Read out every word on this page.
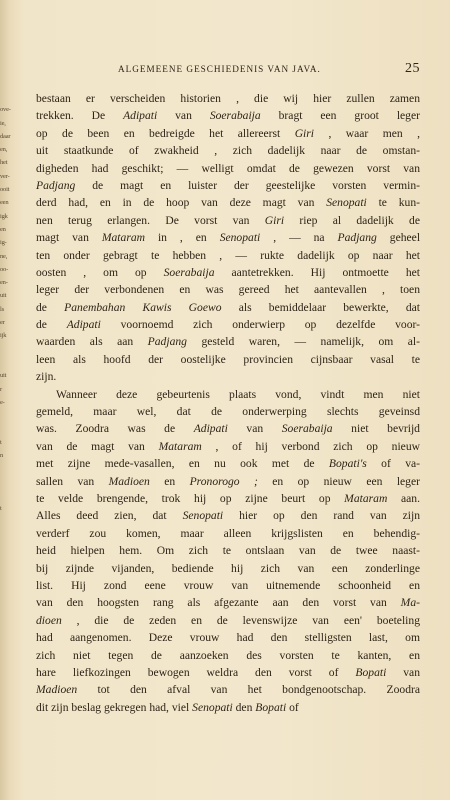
ove-
ie,
daar
en,
het
ver-
ooit
een
igk
en
ig-
ne,
oo-
en-
uit
ls
er
ijk
uit
r
e-
t
n
t
ALGEMEENE GESCHIEDENIS VAN JAVA.	25
bestaan er verscheiden historien , die wij hier zullen zamen
trekken. De Adipati van Soerabaija bragt een groot leger
op de been en bedreigde het allereerst Giri , waar men ,
uit staatkunde of zwakheid , zich dadelijk naar de omstan-
digheden had geschikt; — welligt omdat de gewezen vorst van
Padjang de magt en luister der geestelijke vorsten vermin-
derd had, en in de hoop van deze magt van Senopati te kun-
nen terug erlangen. De vorst van Giri riep al dadelijk de
magt van Mataram in , en Senopati , — na Padjang geheel
ten onder gebragt te hebben , — rukte dadelijk op naar het
oosten , om op Soerabaija aantetrekken. Hij ontmoette het
leger der verbondenen en was gereed het aantevallen , toen
de Panembahan Kawis Goewo als bemiddelaar bewerkte, dat
de Adipati voornoemd zich onderwierp op dezelfde voor-
waarden als aan Padjang gesteld waren, — namelijk, om al-
leen als hoofd der oostelijke provincien cijnsbaar vasal te
zijn.
Wanneer deze gebeurtenis plaats vond, vindt men niet
gemeld, maar wel, dat de onderwerping slechts geveinsd
was. Zoodra was de Adipati van Soerabaija niet bevrijd
van de magt van Mataram , of hij verbond zich op nieuw
met zijne mede-vasallen, en nu ook met de Bopati's of va-
sallen van Madioen en Pronorogo ; en op nieuw een leger
te velde brengende, trok hij op zijne beurt op Mataram aan.
Alles deed zien, dat Senopati hier op den rand van zijn
verderf zou komen, maar alleen krijgslisten en behendig-
heid hielpen hem. Om zich te ontslaan van de twee naast-
bij zijnde vijanden, bediende hij zich van een zonderlinge
list. Hij zond eene vrouw van uitnemende schoonheid en
van den hoogsten rang als afgezante aan den vorst van Ma-
dioen , die de zeden en de levenswijze van een' boeteling
had aangenomen. Deze vrouw had den stelligsten last, om
zich niet tegen de aanzoeken des vorsten te kanten, en
hare liefkozingen bewogen weldra den vorst of Bopati van
Madioen tot den afval van het bondgenootschap. Zoodra
dit zijn beslag gekregen had, viel Senopati den Bopati of
